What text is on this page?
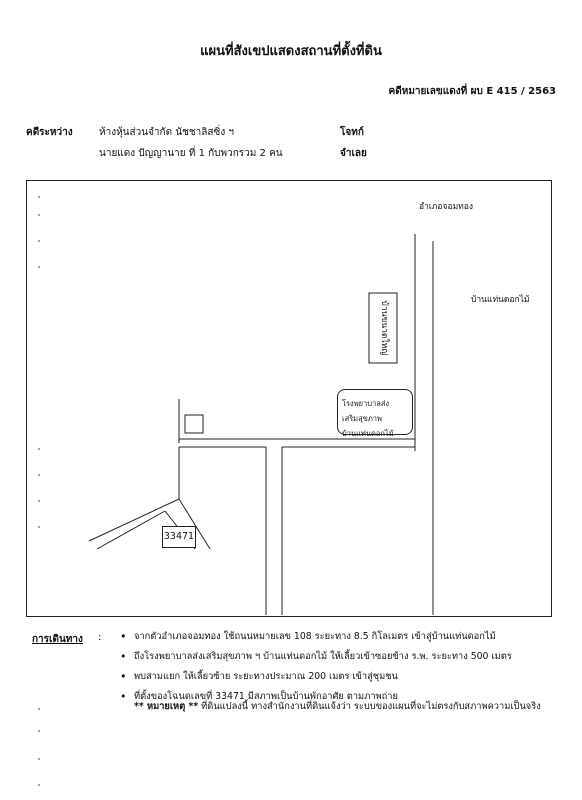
แผนที่สังเขปแสดงสถานที่ตั้งที่ดิน
คดีหมายเลขแดงที่ ผบ E 415 / 2563
คดีระหว่าง	ห้างหุ้นส่วนจำกัด นัชชาลิสซิ่ง ฯ	โจทก์
นายแดง ปัญญานาย ที่ 1 กับพวกรวม 2 คน	จำเลย
อำเภอจอมทอง
บ้านแท่นดอกไม้
บ้านขนาดใหญ่
โรงพยาบาลส่งเสริมสุขภาพ
บ้านแท่นดอกไม้
33471
การเดินทาง :
•	จากตัวอำเภอจอมทอง ใช้ถนนหมายเลข 108 ระยะทาง 8.5 กิโลเมตร เข้าสู่บ้านแท่นดอกไม้
• ถึงโรงพยาบาลส่งเสริมสุขภาพ ฯ บ้านแท่นดอกไม้ ให้เลี้ยวเข้าซอยข้าง ร.พ. ระยะทาง 500 เมตร
• พบสามแยก ให้เลี้ยวซ้าย ระยะทางประมาณ 200 เมตร เข้าสู่ชุมชน
• ที่ตั้งของโฉนดเลขที่ 33471 มีสภาพเป็นบ้านพักอาศัย ตามภาพถ่าย
** หมายเหตุ ** ที่ดินแปลงนี้ ทางสำนักงานที่ดินแจ้งว่า ระบบของแผนที่จะไม่ตรงกับสภาพความเป็นจริง
